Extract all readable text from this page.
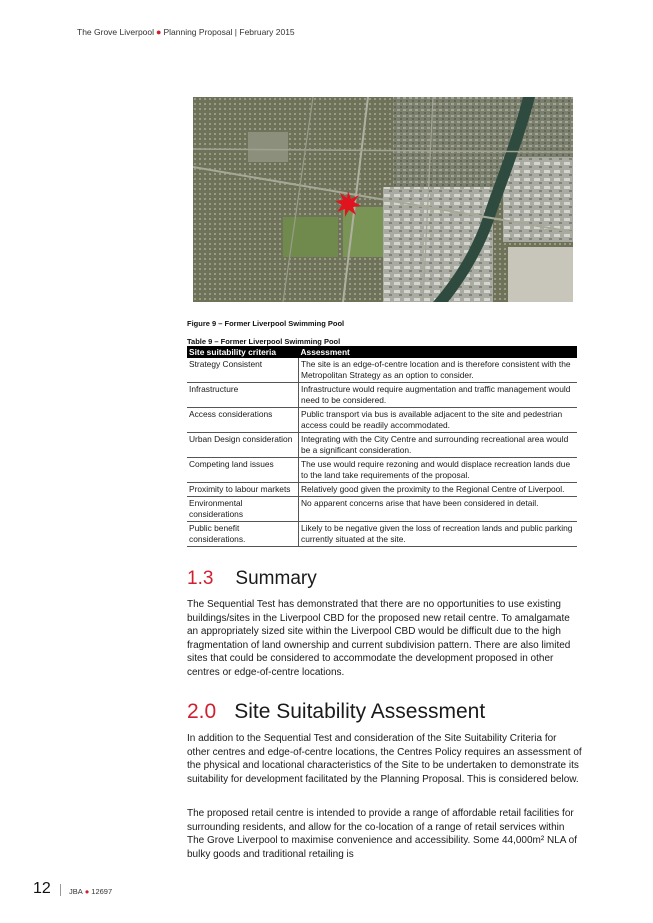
The Grove Liverpool ● Planning Proposal | February 2015
Figure 9 – Former Liverpool Swimming Pool
Table 9 – Former Liverpool Swimming Pool
Site suitability criteria	Assessment
Strategy Consistent	The site is an edge-of-centre location and is therefore consistent with the Metropolitan Strategy as an option to consider.
Infrastructure	Infrastructure would require augmentation and traffic management would need to be considered.
Access considerations	Public transport via bus is available adjacent to the site and pedestrian access could be readily accommodated.
Urban Design consideration	Integrating with the City Centre and surrounding recreational area would be a significant consideration.
Competing land issues	The use would require rezoning and would displace recreation lands due to the land take requirements of the proposal.
Proximity to labour markets	Relatively good given the proximity to the Regional Centre of Liverpool.
Environmental considerations	No apparent concerns arise that have been considered in detail.
Public benefit considerations.	Likely to be negative given the loss of recreation lands and public parking currently situated at the site.
1.3 Summary

The Sequential Test has demonstrated that there are no opportunities to use existing buildings/sites in the Liverpool CBD for the proposed new retail centre. To amalgamate an appropriately sized site within the Liverpool CBD would be difficult due to the high fragmentation of land ownership and current subdivision pattern. There are also limited sites that could be considered to accommodate the development proposed in other centres or edge-of-centre locations.

2.0 Site Suitability Assessment

In addition to the Sequential Test and consideration of the Site Suitability Criteria for other centres and edge-of-centre locations, the Centres Policy requires an assessment of the physical and locational characteristics of the Site to be undertaken to demonstrate its suitability for development facilitated by the Planning Proposal. This is considered below.

The proposed retail centre is intended to provide a range of affordable retail facilities for surrounding residents, and allow for the co-location of a range of retail services within The Grove Liverpool to maximise convenience and accessibility. Some 44,000m² NLA of bulky goods and traditional retailing is

12 JBA ● 12697
